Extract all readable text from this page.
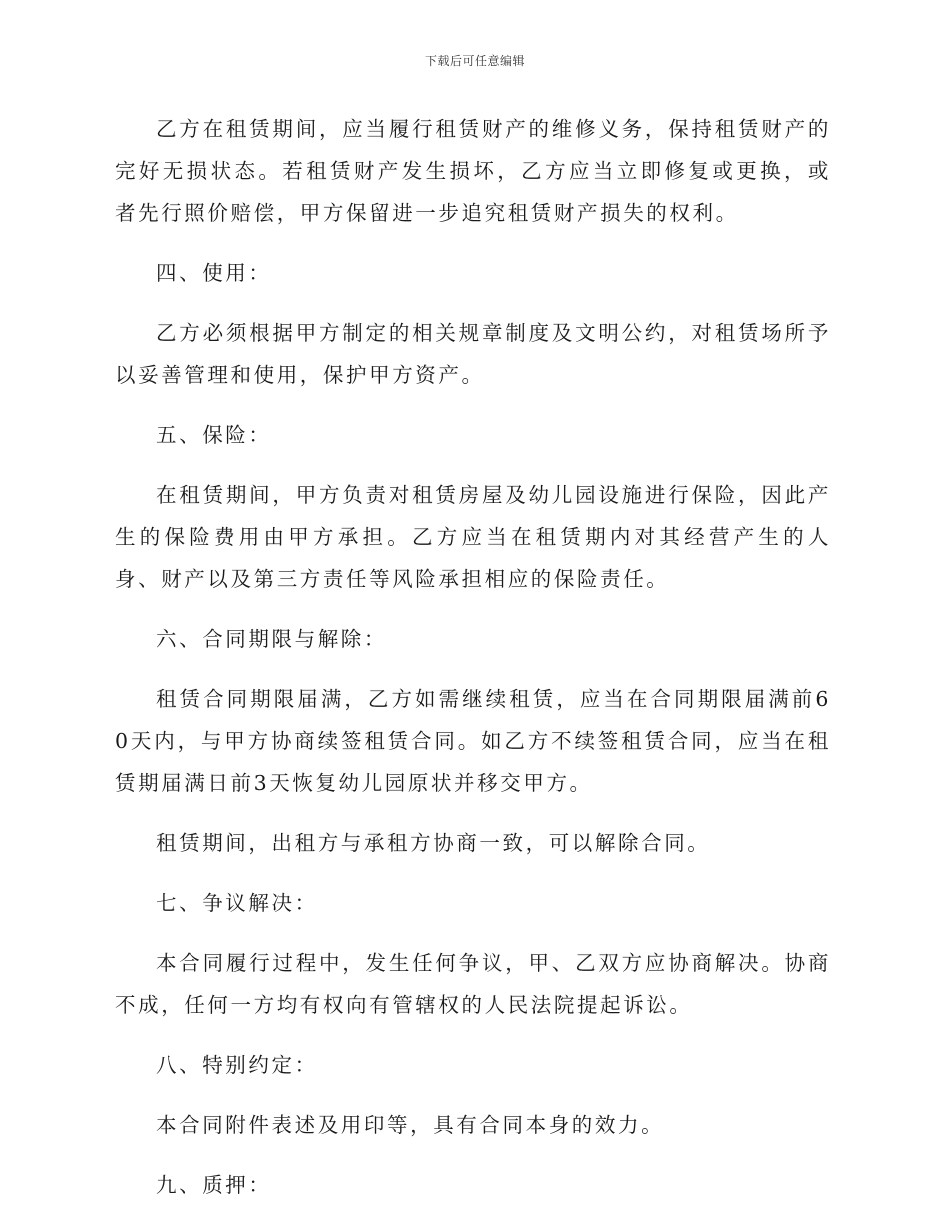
下载后可任意编辑

乙方在租赁期间，应当履行租赁财产的维修义务，保持租赁财产的完好无损状态。若租赁财产发生损坏，乙方应当立即修复或更换，或者先行照价赔偿，甲方保留进一步追究租赁财产损失的权利。

四、使用：

乙方必须根据甲方制定的相关规章制度及文明公约，对租赁场所予以妥善管理和使用，保护甲方资产。

五、保险：

在租赁期间，甲方负责对租赁房屋及幼儿园设施进行保险，因此产生的保险费用由甲方承担。乙方应当在租赁期内对其经营产生的人身、财产以及第三方责任等风险承担相应的保险责任。

六、合同期限与解除：

租赁合同期限届满，乙方如需继续租赁，应当在合同期限届满前60天内，与甲方协商续签租赁合同。如乙方不续签租赁合同，应当在租赁期届满日前3天恢复幼儿园原状并移交甲方。

租赁期间，出租方与承租方协商一致，可以解除合同。

七、争议解决：

本合同履行过程中，发生任何争议，甲、乙双方应协商解决。协商不成，任何一方均有权向有管辖权的人民法院提起诉讼。

八、特别约定：

本合同附件表述及用印等，具有合同本身的效力。

九、质押：
